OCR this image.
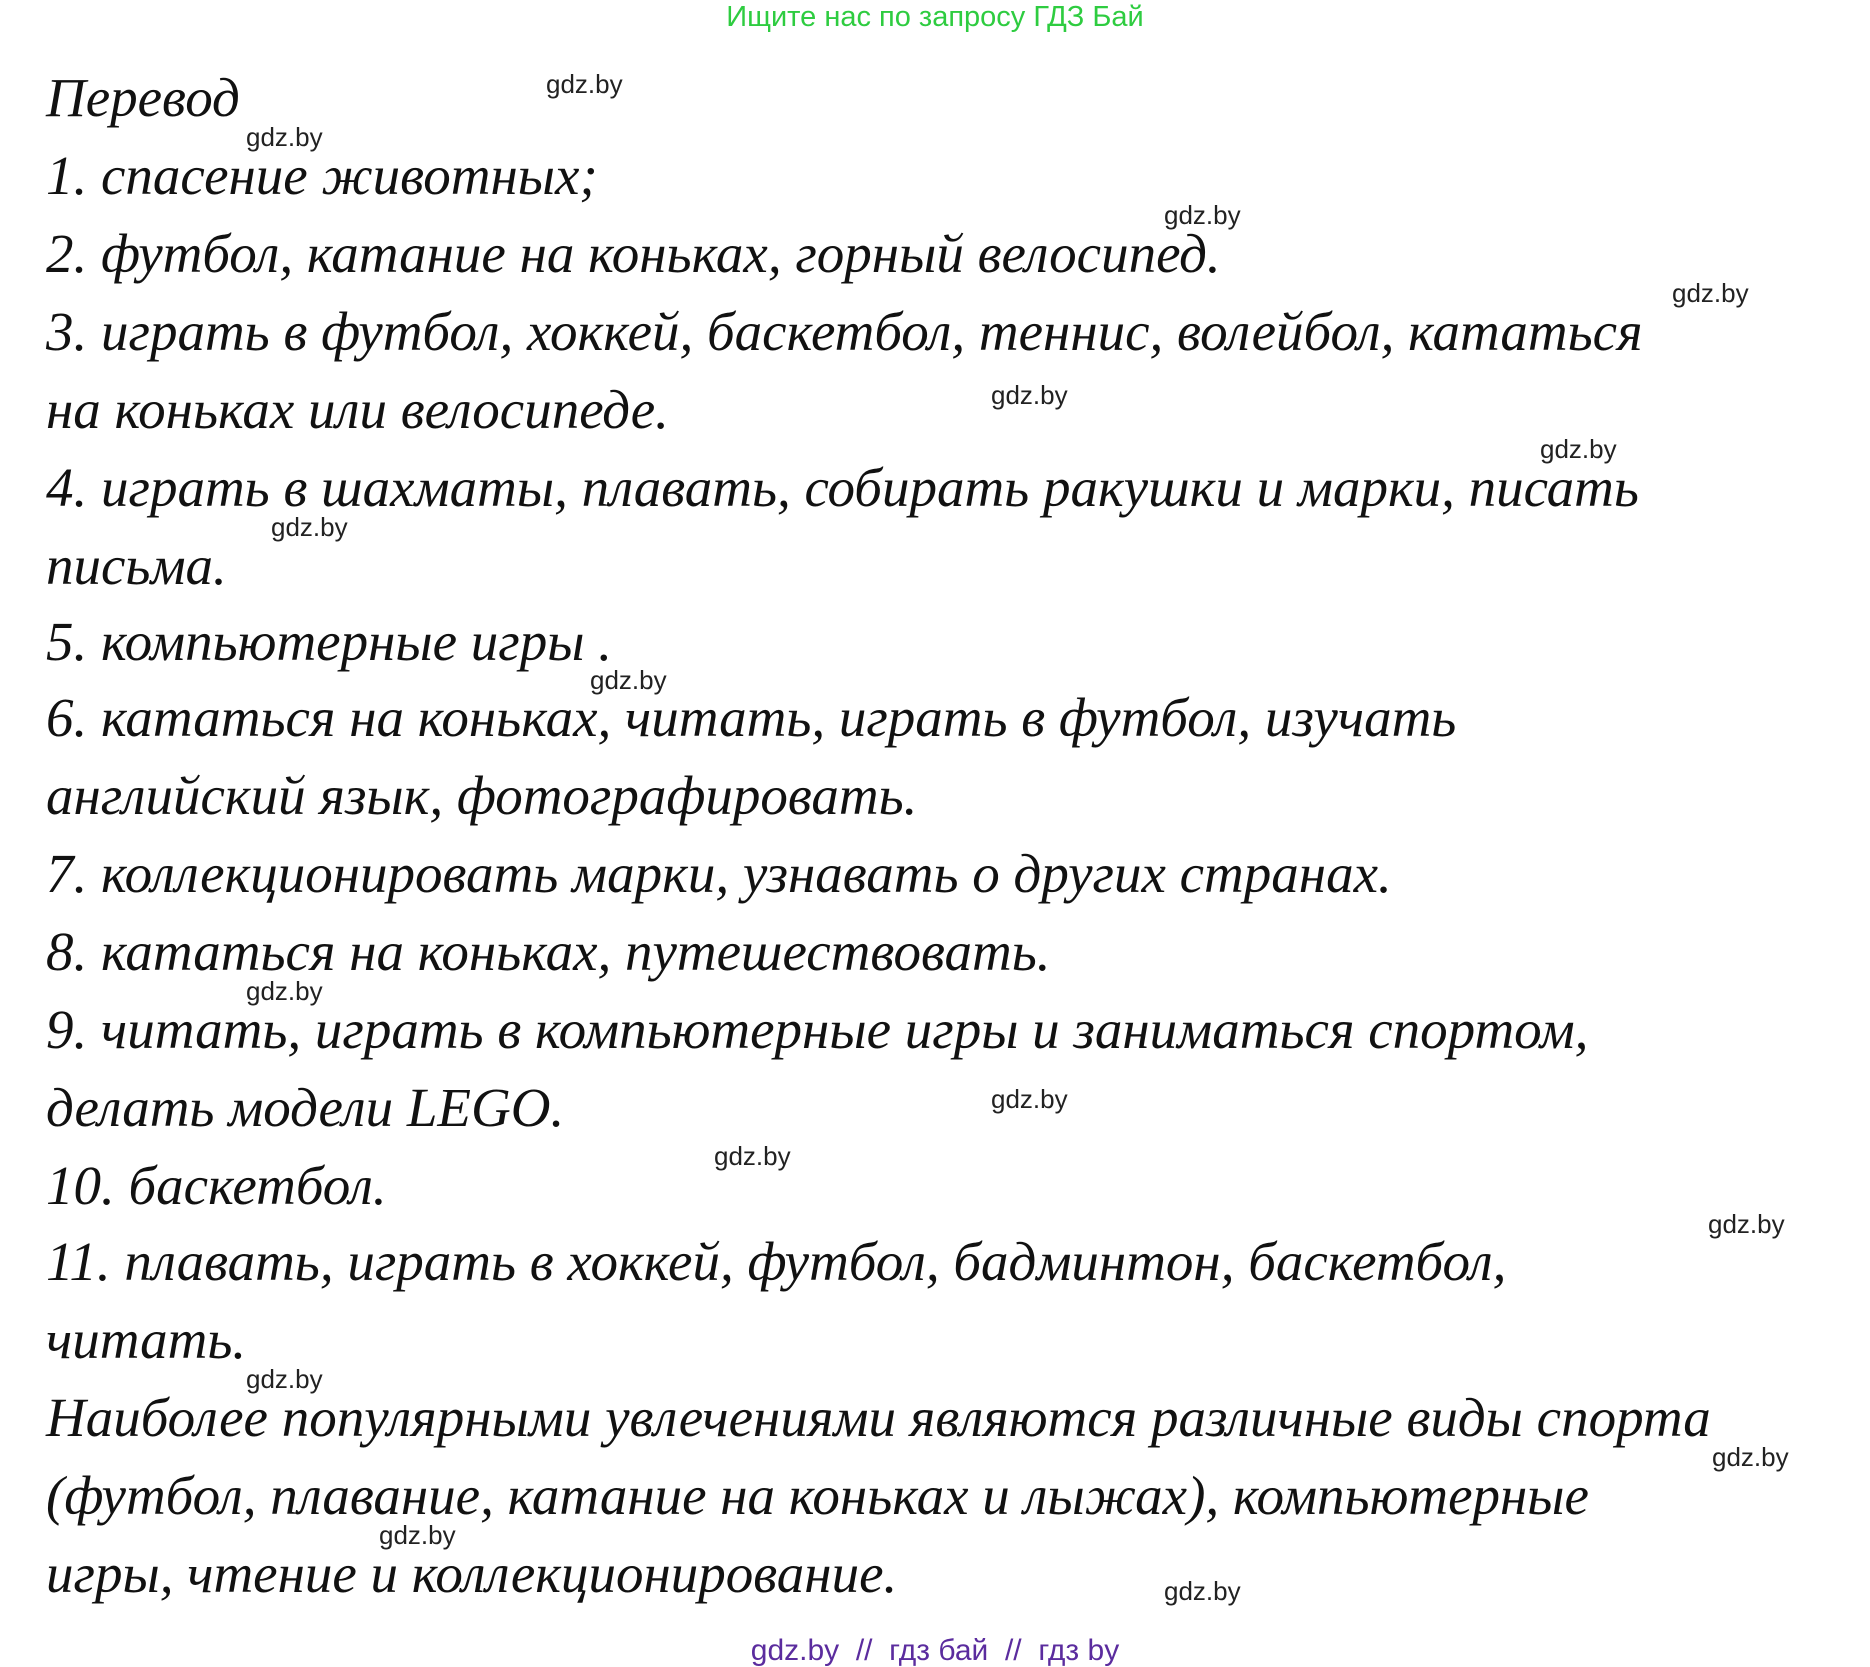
Ищите нас по запросу ГДЗ Бай
Перевод
1. спасение животных;
2. футбол, катание на коньках, горный велосипед.
3. играть в футбол, хоккей, баскетбол, теннис, волейбол, кататься
на коньках или велосипеде.
4. играть в шахматы, плавать, собирать ракушки и марки, писать
письма.
5. компьютерные игры .
6. кататься на коньках, читать, играть в футбол, изучать
английский язык, фотографировать.
7. коллекционировать марки, узнавать о других странах.
8. кататься на коньках, путешествовать.
9. читать, играть в компьютерные игры и заниматься спортом,
делать модели LEGO.
10. баскетбол.
11. плавать, играть в хоккей, футбол, бадминтон, баскетбол,
читать.
Наиболее популярными увлечениями являются различные виды спорта
(футбол, плавание, катание на коньках и лыжах), компьютерные
игры, чтение и коллекционирование.
gdz.by
gdz.by
gdz.by
gdz.by
gdz.by
gdz.by
gdz.by
gdz.by
gdz.by
gdz.by
gdz.by
gdz.by
gdz.by
gdz.by
gdz.by
gdz.by
gdz.by  //  гдз бай  //  гдз by
